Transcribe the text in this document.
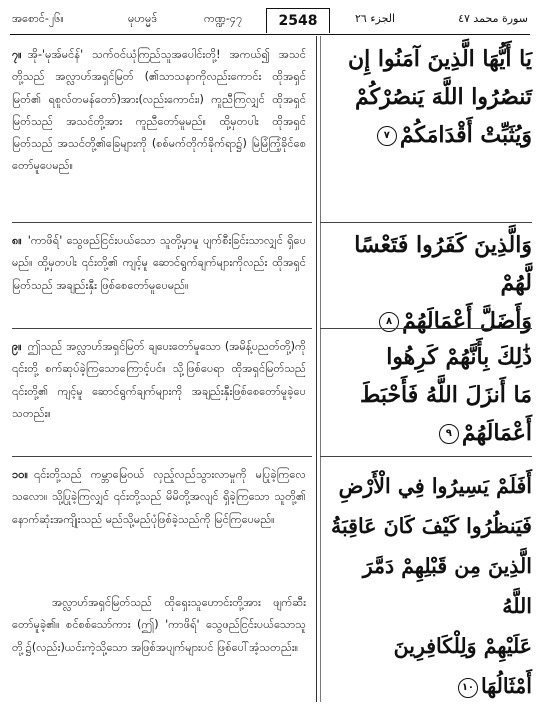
အစောင်-၂၆။	မုဟမ္မဒ်	ကဏ္ဍ-၄၇	2548	الجزء ٢٦	سورة محمد ٤٧
၇။ အို-'မုအ်မင်န်' သက်ဝင်ယုံကြည်သူအပေါင်းတို့! အကယ်၍ အသင်တို့သည် အလ္လာဟ်အရှင်မြတ် (၏သာသနာကိုလည်းကောင်း ထိုအရှင်မြတ်၏ ရစူလ်တမန်တော်)အား(လည်းကောင်း၊) ကူညီကြလျှင် ထိုအရှင်မြတ်သည် အသင်တို့အား ကူညီတော်မူမည်။ ထို့မှတပါး ထိုအရှင်မြတ်သည် အသင်တို့၏ခြေများကို (စစ်မက်တိုက်ခိုက်ရာ၌) မြဲမြံကြံ့ခိုင်စေတော်မူပေမည်။
၈။ 'ကာဖိရ်' သွေဖည်ငြင်းပယ်သော သူတို့မှာမူ ပျက်စီးခြင်းသာလျှင် ရှိပေမည်။ ထို့မှတပါး ၎င်းတို့၏ ကျင့်မူ ဆောင်ရွက်ချက်များကိုလည်း ထိုအရှင်မြတ်သည် အချည်းနှီး ဖြစ်စေတော်မူပေမည်။
၉။ ဤသည် အလ္လာဟ်အရှင်မြတ် ချပေးတော်မူသော (အမိန့်ပညတ်တို့)ကို ၎င်းတို့ စက်ဆုပ်ခဲ့ကြသောကြောင့်ပင်။ သို့ဖြစ်ပေရာ ထိုအရှင်မြတ်သည် ၎င်းတို့၏ ကျင့်မူ ဆောင်ရွက်ချက်များကို အချည်းနှီးဖြစ်စေတော်မူခဲ့ပေသတည်း။
၁၀။ ၎င်းတို့သည် ကမ္ဘာမြေဝယ် လှည့်လည်သွားလာမှုကို မပြုခဲ့ကြလေသလော။ သို့ပြုခဲ့ကြလျှင် ၎င်းတို့သည် မိမိတို့အလျင် ရှိခဲ့ကြသော သူတို့၏ နောက်ဆုံးအကျိုးသည် မည်သို့မည်ပုံဖြစ်ခဲ့သည်ကို မြင်ကြပေမည်။
အလ္လာဟ်အရှင်မြတ်သည် ထိုရှေးသူဟောင်းတို့အား ဖျက်ဆီးတော်မူခဲ့၏။ စင်စစ်သော်ကား (ဤ) 'ကာဖိရ်' သွေဖည်ငြင်းပယ်သောသူတို့၌(လည်း)ယင်းကဲ့သို့သော အဖြစ်အပျက်များပင် ဖြစ်ပေါ်အံ့သတည်း။
يَا أَيُّهَا الَّذِينَ آمَنُوا إِن
تَنصُرُوا اللَّهَ يَنصُرْكُمْ
وَيُثَبِّتْ أَقْدَامَكُمْ٧
وَالَّذِينَ كَفَرُوا فَتَعْسًا لَّهُمْ
وَأَضَلَّ أَعْمَالَهُمْ٨
ذَٰلِكَ بِأَنَّهُمْ كَرِهُوا
مَا أَنزَلَ اللَّهُ فَأَحْبَطَ
أَعْمَالَهُمْ٩
أَفَلَمْ يَسِيرُوا فِي الْأَرْضِ
فَيَنظُرُوا كَيْفَ كَانَ عَاقِبَةُ
الَّذِينَ مِن قَبْلِهِمْ دَمَّرَ اللَّهُ
عَلَيْهِمْ وَلِلْكَافِرِينَ
أَمْثَالُهَا١٠
